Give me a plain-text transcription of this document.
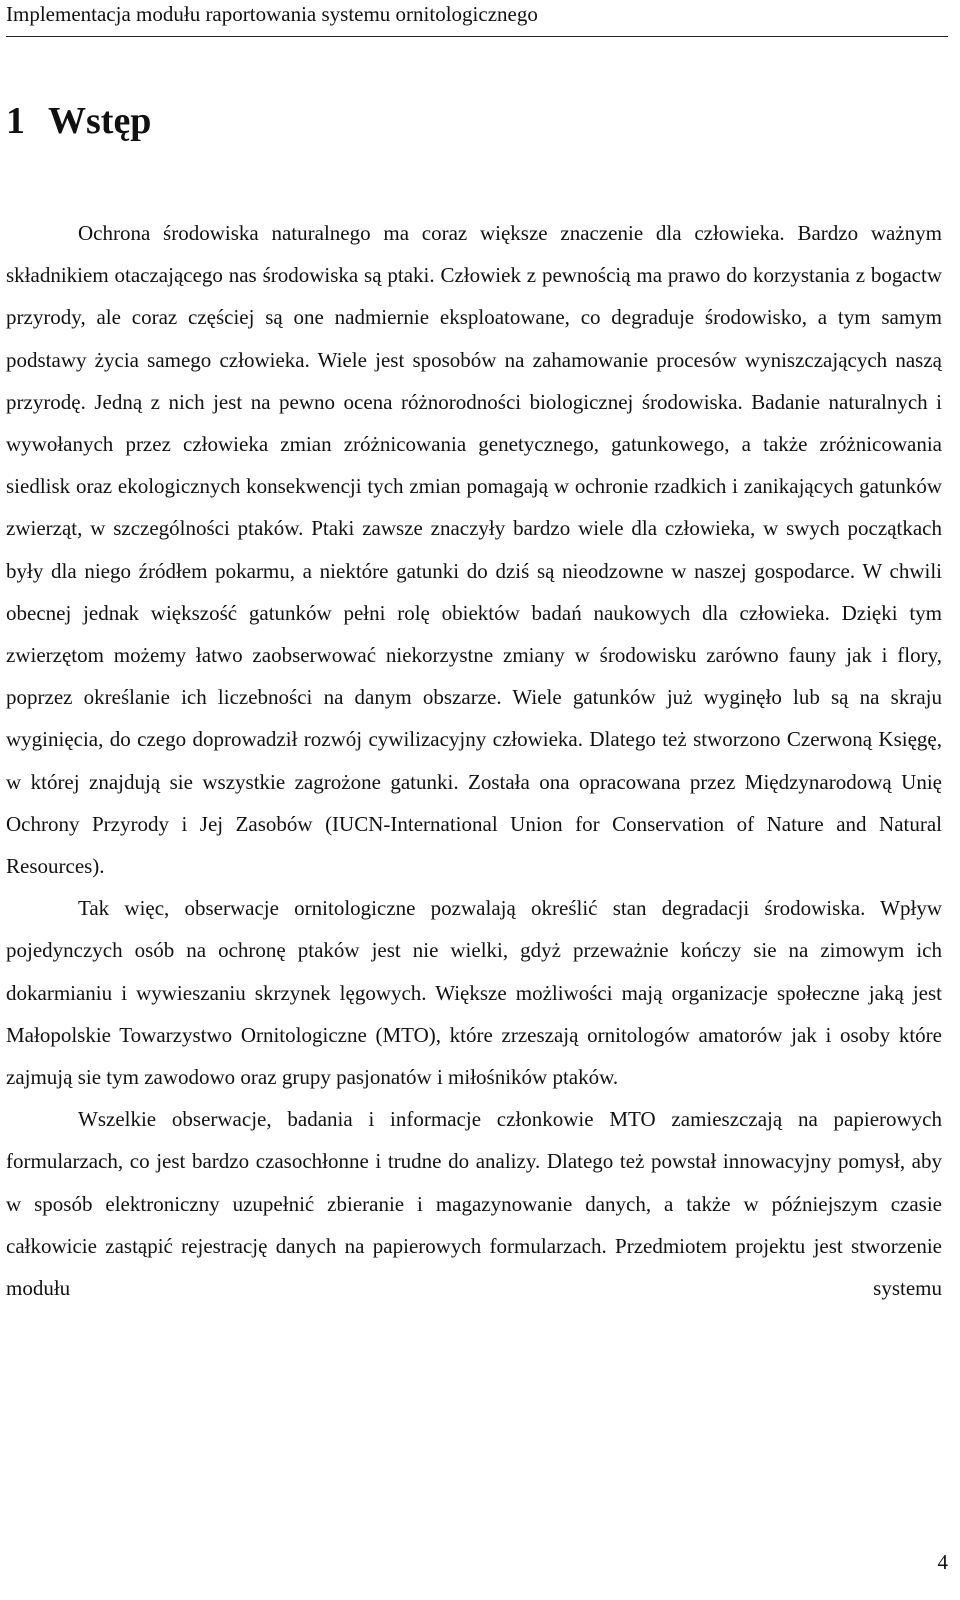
Implementacja modułu raportowania systemu ornitologicznego
1 Wstęp

Ochrona środowiska naturalnego ma coraz większe znaczenie dla człowieka. Bardzo ważnym składnikiem otaczającego nas środowiska są ptaki. Człowiek z pewnością ma prawo do korzystania z bogactw przyrody, ale coraz częściej są one nadmiernie eksploatowane, co degraduje środowisko, a tym samym podstawy życia samego człowieka. Wiele jest sposobów na zahamowanie procesów wyniszczających naszą przyrodę. Jedną z nich jest na pewno ocena różnorodności biologicznej środowiska. Badanie naturalnych i wywołanych przez człowieka zmian zróżnicowania genetycznego, gatunkowego, a także zróżnicowania siedlisk oraz ekologicznych konsekwencji tych zmian pomagają w ochronie rzadkich i zanikających gatunków zwierząt, w szczególności ptaków. Ptaki zawsze znaczyły bardzo wiele dla człowieka, w swych początkach były dla niego źródłem pokarmu, a niektóre gatunki do dziś są nieodzowne w naszej gospodarce. W chwili obecnej jednak większość gatunków pełni rolę obiektów badań naukowych dla człowieka. Dzięki tym zwierzętom możemy łatwo zaobserwować niekorzystne zmiany w środowisku zarówno fauny jak i flory, poprzez określanie ich liczebności na danym obszarze. Wiele gatunków już wyginęło lub są na skraju wyginięcia, do czego doprowadził rozwój cywilizacyjny człowieka. Dlatego też stworzono Czerwoną Księgę, w której znajdują sie wszystkie zagrożone gatunki. Została ona opracowana przez Międzynarodową Unię Ochrony Przyrody i Jej Zasobów (IUCN-International Union for Conservation of Nature and Natural Resources).

Tak więc, obserwacje ornitologiczne pozwalają określić stan degradacji środowiska. Wpływ pojedynczych osób na ochronę ptaków jest nie wielki, gdyż przeważnie kończy sie na zimowym ich dokarmianiu i wywieszaniu skrzynek lęgowych. Większe możliwości mają organizacje społeczne jaką jest Małopolskie Towarzystwo Ornitologiczne (MTO), które zrzeszają ornitologów amatorów jak i osoby które zajmują sie tym zawodowo oraz grupy pasjonatów i miłośników ptaków.

Wszelkie obserwacje, badania i informacje członkowie MTO zamieszczają na papierowych formularzach, co jest bardzo czasochłonne i trudne do analizy. Dlatego też powstał innowacyjny pomysł, aby w sposób elektroniczny uzupełnić zbieranie i magazynowanie danych, a także w późniejszym czasie całkowicie zastąpić rejestrację danych na papierowych formularzach. Przedmiotem projektu jest stworzenie modułu systemu

4
